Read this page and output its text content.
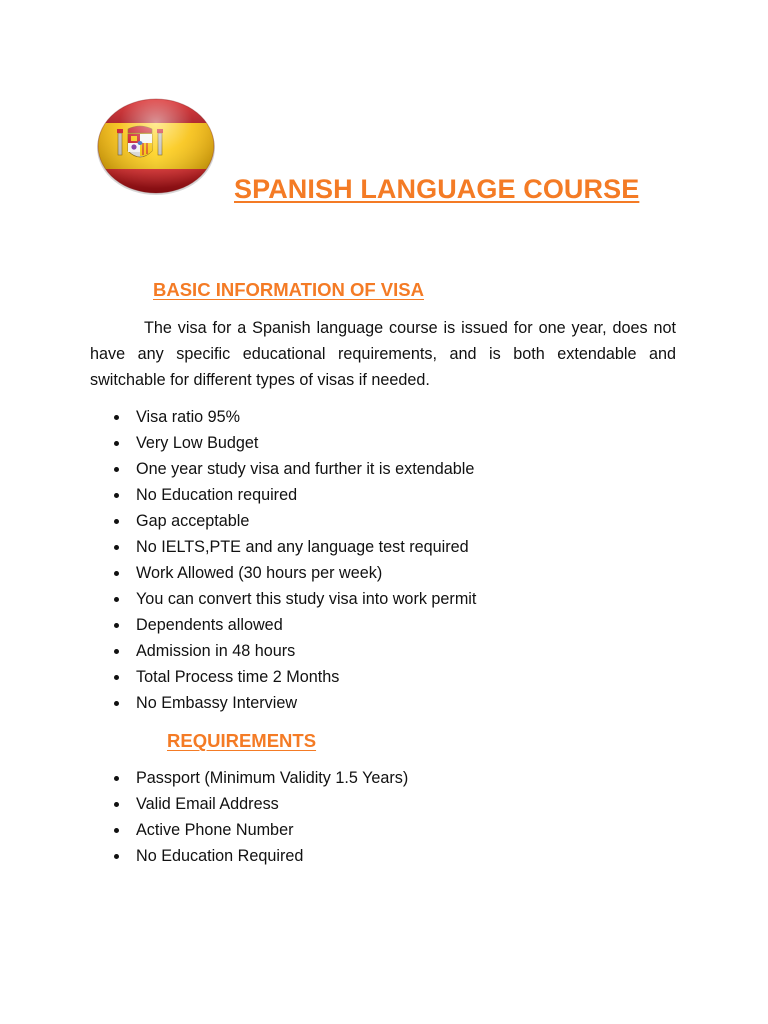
SPANISH LANGUAGE COURSE
BASIC INFORMATION OF VISA

The visa for a Spanish language course is issued for one year, does not have any specific educational requirements, and is both extendable and switchable for different types of visas if needed.

Visa ratio 95%
Very Low Budget
One year study visa and further it is extendable
No Education required
Gap acceptable
No IELTS,PTE and any language test required
Work Allowed (30 hours per week)
You can convert this study visa into work permit
Dependents allowed
Admission in 48 hours
Total Process time 2 Months
No Embassy Interview
REQUIREMENTS
Passport (Minimum Validity 1.5 Years)
Valid Email Address
Active Phone Number
No Education Required
